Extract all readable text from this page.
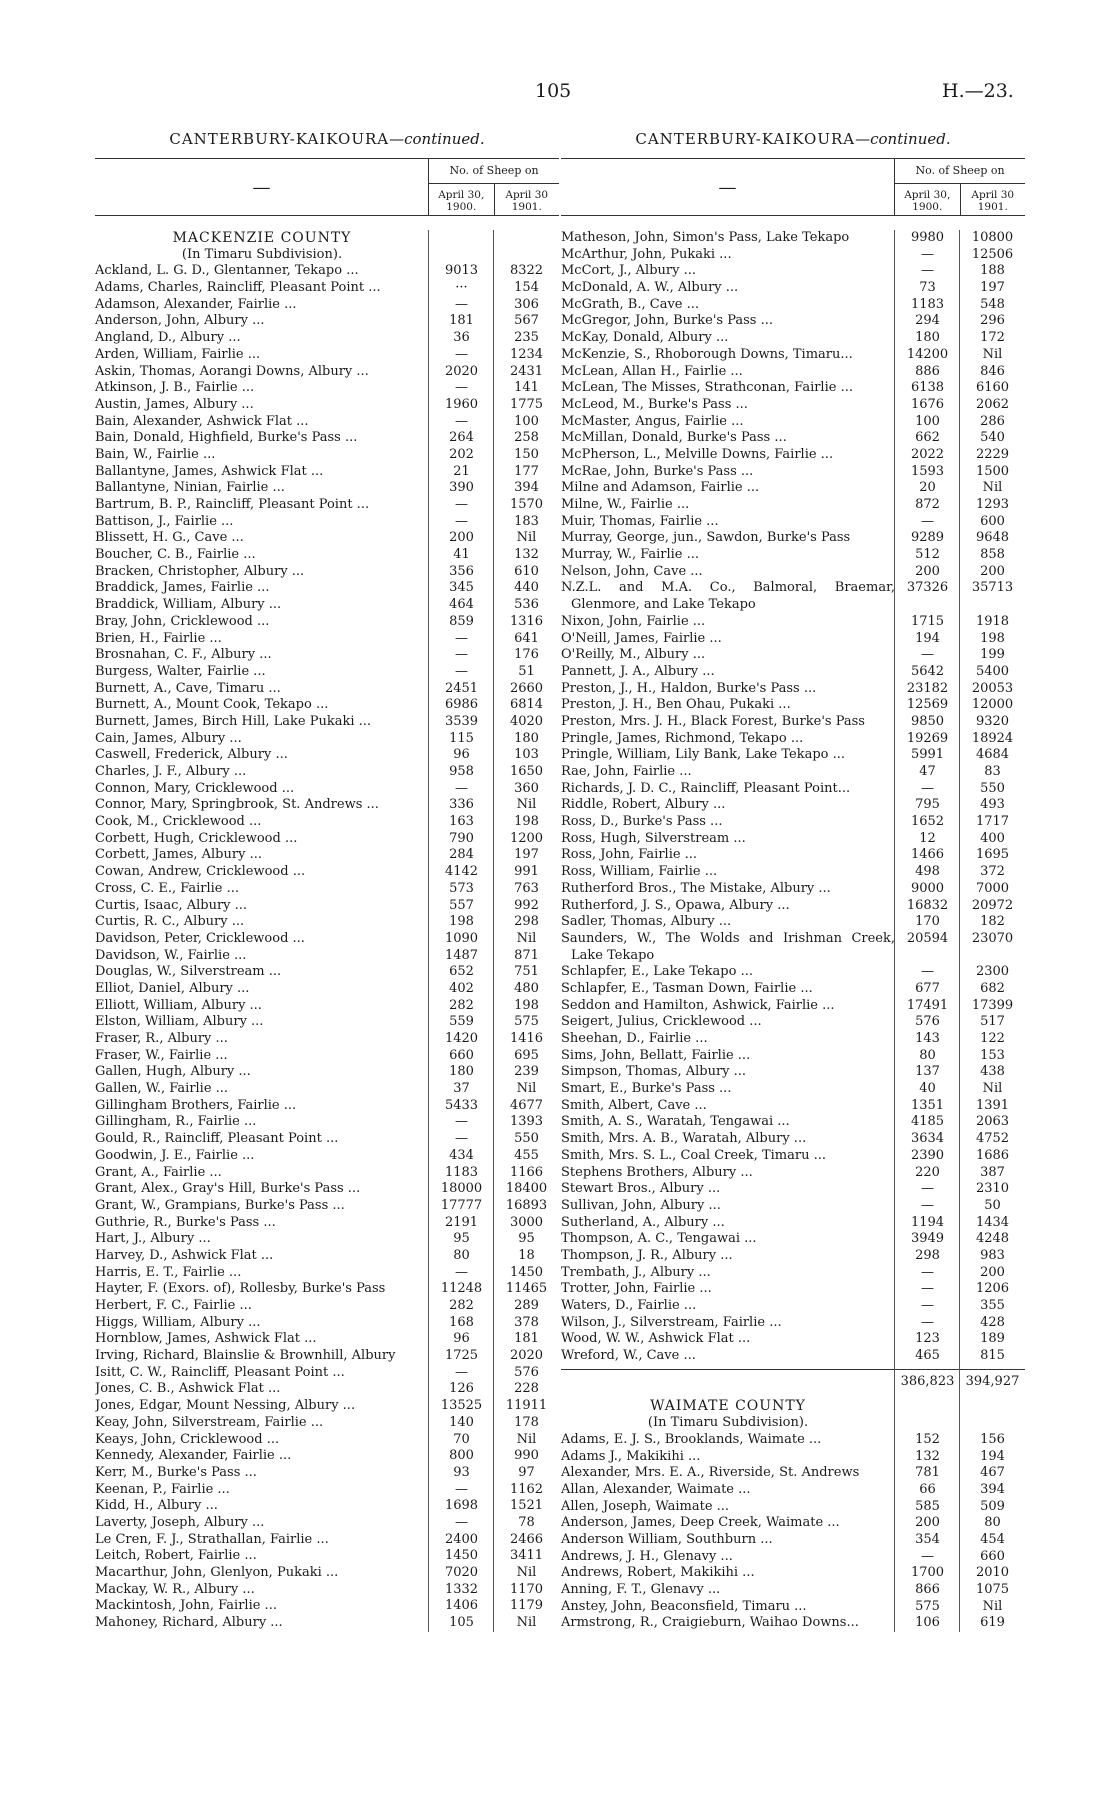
105	H.—23.
CANTERBURY-KAIKOURA—continued.
—
No. of Sheep on
April 30,
1900.
April 30
1901.
MACKENZIE COUNTY
(In Timaru Subdivision).
Ackland, L. G. D., Glentanner, Tekapo ...	9013	8322
Adams, Charles, Raincliff, Pleasant Point ...	···	154
Adamson, Alexander, Fairlie ...	—	306
Anderson, John, Albury ...	181	567
Angland, D., Albury ...	36	235
Arden, William, Fairlie ...	—	1234
Askin, Thomas, Aorangi Downs, Albury ...	2020	2431
Atkinson, J. B., Fairlie ...	—	141
Austin, James, Albury ...	1960	1775
Bain, Alexander, Ashwick Flat ...	—	100
Bain, Donald, Highfield, Burke's Pass ...	264	258
Bain, W., Fairlie ...	202	150
Ballantyne, James, Ashwick Flat ...	21	177
Ballantyne, Ninian, Fairlie ...	390	394
Bartrum, B. P., Raincliff, Pleasant Point ...	—	1570
Battison, J., Fairlie ...	—	183
Blissett, H. G., Cave ...	200	Nil
Boucher, C. B., Fairlie ...	41	132
Bracken, Christopher, Albury ...	356	610
Braddick, James, Fairlie ...	345	440
Braddick, William, Albury ...	464	536
Bray, John, Cricklewood ...	859	1316
Brien, H., Fairlie ...	—	641
Brosnahan, C. F., Albury ...	—	176
Burgess, Walter, Fairlie ...	—	51
Burnett, A., Cave, Timaru ...	2451	2660
Burnett, A., Mount Cook, Tekapo ...	6986	6814
Burnett, James, Birch Hill, Lake Pukaki ...	3539	4020
Cain, James, Albury ...	115	180
Caswell, Frederick, Albury ...	96	103
Charles, J. F., Albury ...	958	1650
Connon, Mary, Cricklewood ...	—	360
Connor, Mary, Springbrook, St. Andrews ...	336	Nil
Cook, M., Cricklewood ...	163	198
Corbett, Hugh, Cricklewood ...	790	1200
Corbett, James, Albury ...	284	197
Cowan, Andrew, Cricklewood ...	4142	991
Cross, C. E., Fairlie ...	573	763
Curtis, Isaac, Albury ...	557	992
Curtis, R. C., Albury ...	198	298
Davidson, Peter, Cricklewood ...	1090	Nil
Davidson, W., Fairlie ...	1487	871
Douglas, W., Silverstream ...	652	751
Elliot, Daniel, Albury ...	402	480
Elliott, William, Albury ...	282	198
Elston, William, Albury ...	559	575
Fraser, R., Albury ...	1420	1416
Fraser, W., Fairlie ...	660	695
Gallen, Hugh, Albury ...	180	239
Gallen, W., Fairlie ...	37	Nil
Gillingham Brothers, Fairlie ...	5433	4677
Gillingham, R., Fairlie ...	—	1393
Gould, R., Raincliff, Pleasant Point ...	—	550
Goodwin, J. E., Fairlie ...	434	455
Grant, A., Fairlie ...	1183	1166
Grant, Alex., Gray's Hill, Burke's Pass ...	18000	18400
Grant, W., Grampians, Burke's Pass ...	17777	16893
Guthrie, R., Burke's Pass ...	2191	3000
Hart, J., Albury ...	95	95
Harvey, D., Ashwick Flat ...	80	18
Harris, E. T., Fairlie ...	—	1450
Hayter, F. (Exors. of), Rollesby, Burke's Pass	11248	11465
Herbert, F. C., Fairlie ...	282	289
Higgs, William, Albury ...	168	378
Hornblow, James, Ashwick Flat ...	96	181
Irving, Richard, Blainslie & Brownhill, Albury	1725	2020
Isitt, C. W., Raincliff, Pleasant Point ...	—	576
Jones, C. B., Ashwick Flat ...	126	228
Jones, Edgar, Mount Nessing, Albury ...	13525	11911
Keay, John, Silverstream, Fairlie ...	140	178
Keays, John, Cricklewood ...	70	Nil
Kennedy, Alexander, Fairlie ...	800	990
Kerr, M., Burke's Pass ...	93	97
Keenan, P., Fairlie ...	—	1162
Kidd, H., Albury ...	1698	1521
Laverty, Joseph, Albury ...	—	78
Le Cren, F. J., Strathallan, Fairlie ...	2400	2466
Leitch, Robert, Fairlie ...	1450	3411
Macarthur, John, Glenlyon, Pukaki ...	7020	Nil
Mackay, W. R., Albury ...	1332	1170
Mackintosh, John, Fairlie ...	1406	1179
Mahoney, Richard, Albury ...	105	Nil
CANTERBURY-KAIKOURA—continued.
—
No. of Sheep on
April 30,
1900.
April 30
1901.
Matheson, John, Simon's Pass, Lake Tekapo	9980	10800
McArthur, John, Pukaki ...	—	12506
McCort, J., Albury ...	—	188
McDonald, A. W., Albury ...	73	197
McGrath, B., Cave ...	1183	548
McGregor, John, Burke's Pass ...	294	296
McKay, Donald, Albury ...	180	172
McKenzie, S., Rhoborough Downs, Timaru...	14200	Nil
McLean, Allan H., Fairlie ...	886	846
McLean, The Misses, Strathconan, Fairlie ...	6138	6160
McLeod, M., Burke's Pass ...	1676	2062
McMaster, Angus, Fairlie ...	100	286
McMillan, Donald, Burke's Pass ...	662	540
McPherson, L., Melville Downs, Fairlie ...	2022	2229
McRae, John, Burke's Pass ...	1593	1500
Milne and Adamson, Fairlie ...	20	Nil
Milne, W., Fairlie ...	872	1293
Muir, Thomas, Fairlie ...	—	600
Murray, George, jun., Sawdon, Burke's Pass	9289	9648
Murray, W., Fairlie ...	512	858
Nelson, John, Cave ...	200	200
N.Z.L. and M.A. Co., Balmoral, Braemar, Glenmore, and Lake Tekapo
37326	35713
Nixon, John, Fairlie ...	1715	1918
O'Neill, James, Fairlie ...	194	198
O'Reilly, M., Albury ...	—	199
Pannett, J. A., Albury ...	5642	5400
Preston, J., H., Haldon, Burke's Pass ...	23182	20053
Preston, J. H., Ben Ohau, Pukaki ...	12569	12000
Preston, Mrs. J. H., Black Forest, Burke's Pass	9850	9320
Pringle, James, Richmond, Tekapo ...	19269	18924
Pringle, William, Lily Bank, Lake Tekapo ...	5991	4684
Rae, John, Fairlie ...	47	83
Richards, J. D. C., Raincliff, Pleasant Point...	—	550
Riddle, Robert, Albury ...	795	493
Ross, D., Burke's Pass ...	1652	1717
Ross, Hugh, Silverstream ...	12	400
Ross, John, Fairlie ...	1466	1695
Ross, William, Fairlie ...	498	372
Rutherford Bros., The Mistake, Albury ...	9000	7000
Rutherford, J. S., Opawa, Albury ...	16832	20972
Sadler, Thomas, Albury ...	170	182
Saunders, W., The Wolds and Irishman Creek, Lake Tekapo
20594	23070
Schlapfer, E., Lake Tekapo ...	—	2300
Schlapfer, E., Tasman Down, Fairlie ...	677	682
Seddon and Hamilton, Ashwick, Fairlie ...	17491	17399
Seigert, Julius, Cricklewood ...	576	517
Sheehan, D., Fairlie ...	143	122
Sims, John, Bellatt, Fairlie ...	80	153
Simpson, Thomas, Albury ...	137	438
Smart, E., Burke's Pass ...	40	Nil
Smith, Albert, Cave ...	1351	1391
Smith, A. S., Waratah, Tengawai ...	4185	2063
Smith, Mrs. A. B., Waratah, Albury ...	3634	4752
Smith, Mrs. S. L., Coal Creek, Timaru ...	2390	1686
Stephens Brothers, Albury ...	220	387
Stewart Bros., Albury ...	—	2310
Sullivan, John, Albury ...	—	50
Sutherland, A., Albury ...	1194	1434
Thompson, A. C., Tengawai ...	3949	4248
Thompson, J. R., Albury ...	298	983
Trembath, J., Albury ...	—	200
Trotter, John, Fairlie ...	—	1206
Waters, D., Fairlie ...	—	355
Wilson, J., Silverstream, Fairlie ...	—	428
Wood, W. W., Ashwick Flat ...	123	189
Wreford, W., Cave ...	465	815
386,823 394,927
WAIMATE COUNTY
(In Timaru Subdivision).
Adams, E. J. S., Brooklands, Waimate ...	152	156
Adams J., Makikihi ...	132	194
Alexander, Mrs. E. A., Riverside, St. Andrews	781	467
Allan, Alexander, Waimate ...	66	394
Allen, Joseph, Waimate ...	585	509
Anderson, James, Deep Creek, Waimate ...	200	80
Anderson William, Southburn ...	354	454
Andrews, J. H., Glenavy ...	—	660
Andrews, Robert, Makikihi ...	1700	2010
Anning, F. T., Glenavy ...	866	1075
Anstey, John, Beaconsfield, Timaru ...	575	Nil
Armstrong, R., Craigieburn, Waihao Downs...	106	619
